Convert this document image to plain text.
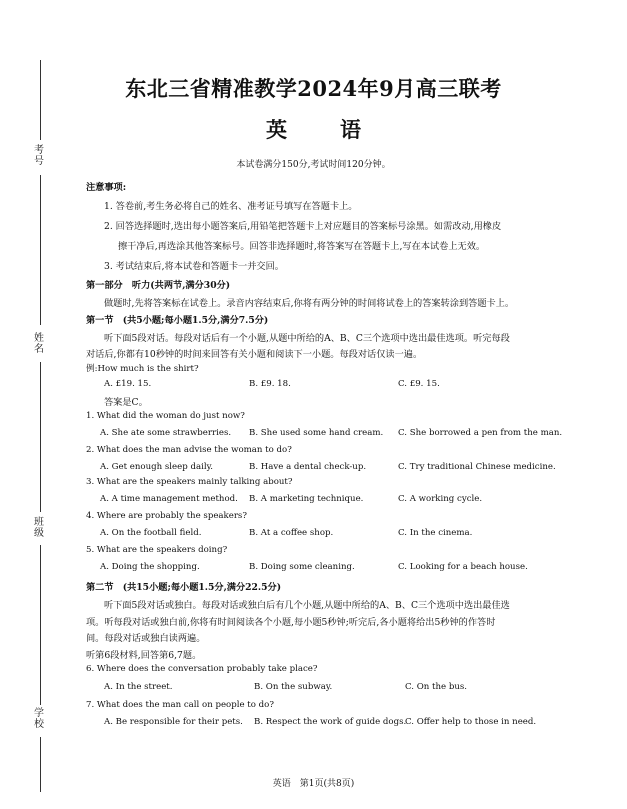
考号
姓名
班级
学校
东北三省精准教学2024年9月高三联考
英　语
本试卷满分150分,考试时间120分钟。
注意事项:
1. 答卷前,考生务必将自己的姓名、准考证号填写在答题卡上。
2. 回答选择题时,选出每小题答案后,用铅笔把答题卡上对应题目的答案标号涂黑。如需改动,用橡皮
擦干净后,再选涂其他答案标号。回答非选择题时,将答案写在答题卡上,写在本试卷上无效。
3. 考试结束后,将本试卷和答题卡一并交回。
第一部分　听力(共两节,满分30分)
做题时,先将答案标在试卷上。录音内容结束后,你将有两分钟的时间将试卷上的答案转涂到答题卡上。
第一节　(共5小题;每小题1.5分,满分7.5分)
听下面5段对话。每段对话后有一个小题,从题中所给的A、B、C三个选项中选出最佳选项。听完每段
对话后,你都有10秒钟的时间来回答有关小题和阅读下一小题。每段对话仅读一遍。
例:How much is the shirt?
A. £19. 15.	B. £9. 18.	C. £9. 15.
答案是C。
1. What did the woman do just now?
A. She ate some strawberries. B. She used some hand cream. C. She borrowed a pen from the man.
2. What does the man advise the woman to do?
A. Get enough sleep daily.	B. Have a dental check-up.	C. Try traditional Chinese medicine.
3. What are the speakers mainly talking about?
A. A time management method. B. A marketing technique.	C. A working cycle.
4. Where are probably the speakers?
A. On the football field.	B. At a coffee shop.	C. In the cinema.
5. What are the speakers doing?
A. Doing the shopping.	B. Doing some cleaning.	C. Looking for a beach house.
第二节　(共15小题;每小题1.5分,满分22.5分)
听下面5段对话或独白。每段对话或独白后有几个小题,从题中所给的A、B、C三个选项中选出最佳选
项。听每段对话或独白前,你将有时间阅读各个小题,每小题5秒钟;听完后,各小题将给出5秒钟的作答时
间。每段对话或独白读两遍。
听第6段材料,回答第6,7题。
6. Where does the conversation probably take place?
A. In the street.	B. On the subway.	C. On the bus.
7. What does the man call on people to do?
A. Be responsible for their pets. B. Respect the work of guide dogs.
C. Offer help to those in need.
英语　第1页(共8页)
